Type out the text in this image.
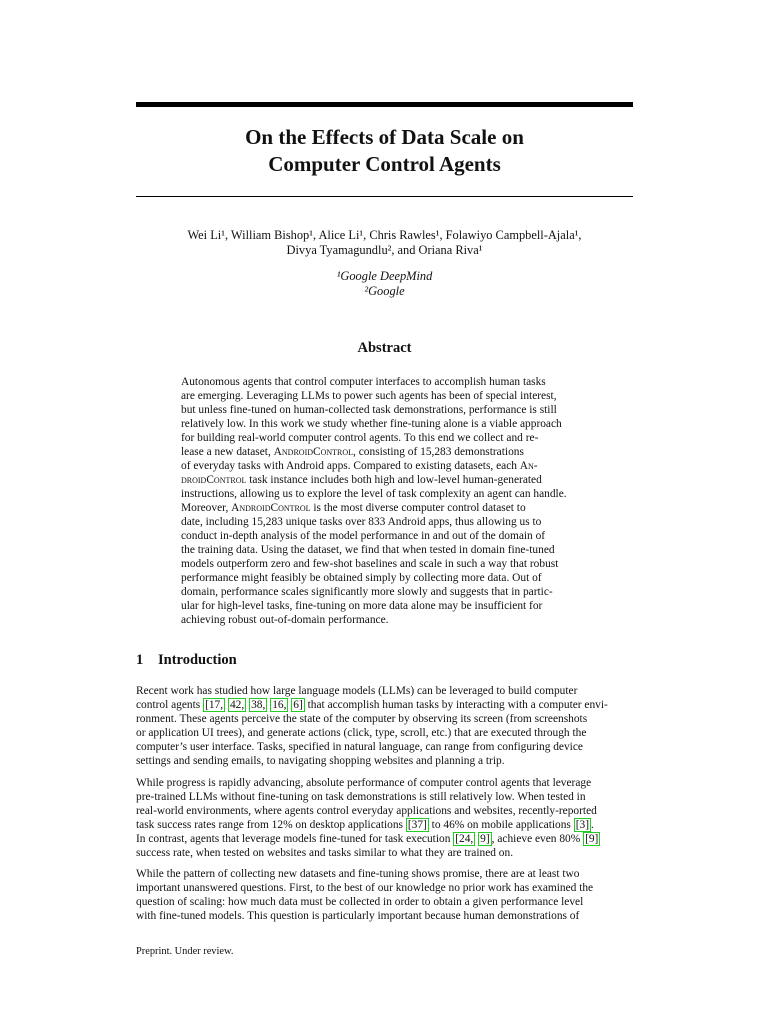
On the Effects of Data Scale on
Computer Control Agents
Wei Li¹, William Bishop¹, Alice Li¹, Chris Rawles¹, Folawiyo Campbell-Ajala¹,
Divya Tyamagundlu², and Oriana Riva¹
¹Google DeepMind
²Google
Abstract
Autonomous agents that control computer interfaces to accomplish human tasks
are emerging. Leveraging LLMs to power such agents has been of special interest,
but unless fine-tuned on human-collected task demonstrations, performance is still
relatively low. In this work we study whether fine-tuning alone is a viable approach
for building real-world computer control agents. To this end we collect and re-
lease a new dataset, AndroidControl, consisting of 15,283 demonstrations
of everyday tasks with Android apps. Compared to existing datasets, each An-
droidControl task instance includes both high and low-level human-generated
instructions, allowing us to explore the level of task complexity an agent can handle.
Moreover, AndroidControl is the most diverse computer control dataset to
date, including 15,283 unique tasks over 833 Android apps, thus allowing us to
conduct in-depth analysis of the model performance in and out of the domain of
the training data. Using the dataset, we find that when tested in domain fine-tuned
models outperform zero and few-shot baselines and scale in such a way that robust
performance might feasibly be obtained simply by collecting more data. Out of
domain, performance scales significantly more slowly and suggests that in partic-
ular for high-level tasks, fine-tuning on more data alone may be insufficient for
achieving robust out-of-domain performance.
1 Introduction
Recent work has studied how large language models (LLMs) can be leveraged to build computer
control agents [17, 42, 38, 16, 6] that accomplish human tasks by interacting with a computer envi-
ronment. These agents perceive the state of the computer by observing its screen (from screenshots
or application UI trees), and generate actions (click, type, scroll, etc.) that are executed through the
computer’s user interface. Tasks, specified in natural language, can range from configuring device
settings and sending emails, to navigating shopping websites and planning a trip.
While progress is rapidly advancing, absolute performance of computer control agents that leverage
pre-trained LLMs without fine-tuning on task demonstrations is still relatively low. When tested in
real-world environments, where agents control everyday applications and websites, recently-reported
task success rates range from 12% on desktop applications [37] to 46% on mobile applications [3] .
In contrast, agents that leverage models fine-tuned for task execution [24, 9] , achieve even 80% [9]
success rate, when tested on websites and tasks similar to what they are trained on.
While the pattern of collecting new datasets and fine-tuning shows promise, there are at least two
important unanswered questions. First, to the best of our knowledge no prior work has examined the
question of scaling: how much data must be collected in order to obtain a given performance level
with fine-tuned models. This question is particularly important because human demonstrations of
Preprint. Under review.
